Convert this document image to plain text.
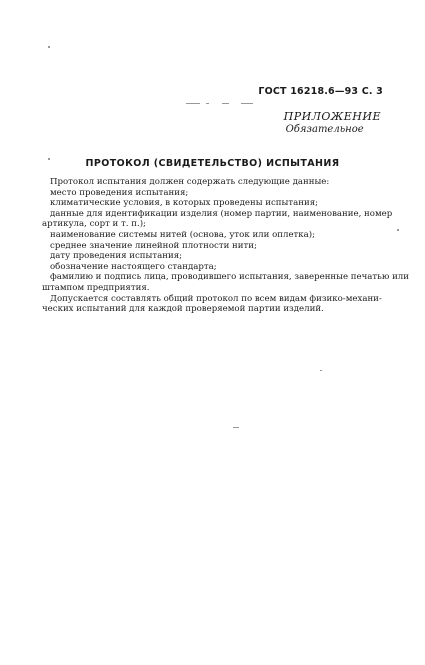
ГОСТ 16218.6—93 С. 3
ПРИЛОЖЕНИЕ
Обязательное
ПРОТОКОЛ (СВИДЕТЕЛЬСТВО) ИСПЫТАНИЯ
Протокол испытания должен содержать следующие данные:
место проведения испытания;
климатические условия, в которых проведены испытания;
данные для идентификации изделия (номер партии, наименование, номер
артикула, сорт и т. п.);
наименование системы нитей (основа, уток или оплетка);
среднее значение линейной плотности нити;
дату проведения испытания;
обозначение настоящего стандарта;
фамилию и подпись лица, проводившего испытания, заверенные печатью или
штампом предприятия.
Допускается составлять общий протокол по всем видам физико-механи-
ческих испытаний для каждой проверяемой партии изделий.
